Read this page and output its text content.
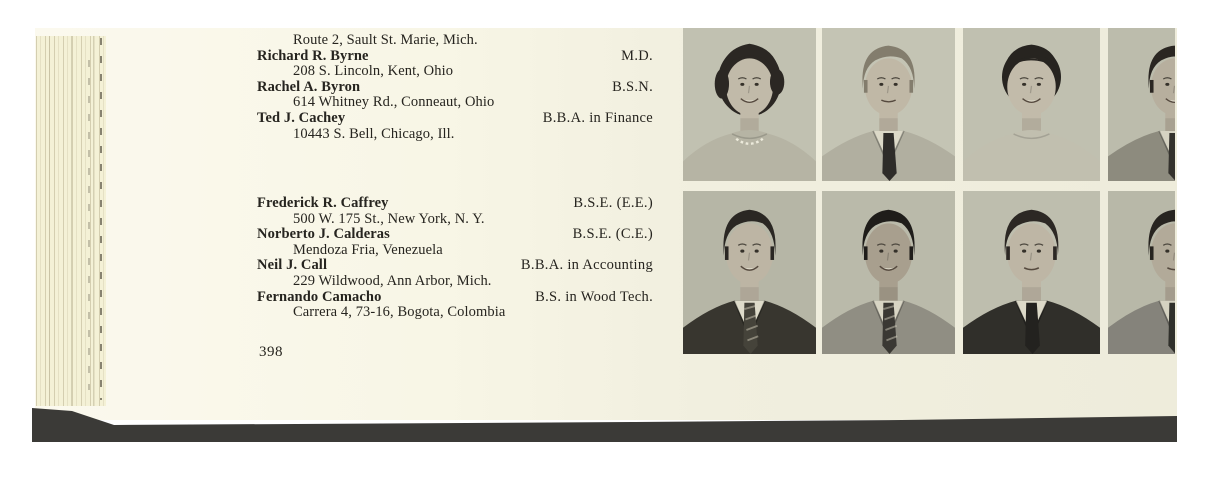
Route 2, Sault St. Marie, Mich.
Richard R. Byrne	M.D.
208 S. Lincoln, Kent, Ohio
Rachel A. Byron	B.S.N.
614 Whitney Rd., Conneaut, Ohio
Ted J. Cachey	B.B.A. in Finance
10443 S. Bell, Chicago, Ill.
Frederick R. Caffrey	B.S.E. (E.E.)
500 W. 175 St., New York, N. Y.
Norberto J. Calderas	B.S.E. (C.E.)
Mendoza Fria, Venezuela
Neil J. Call	B.B.A. in Accounting
229 Wildwood, Ann Arbor, Mich.
Fernando Camacho	B.S. in Wood Tech.
Carrera 4, 73-16, Bogota, Colombia
398
